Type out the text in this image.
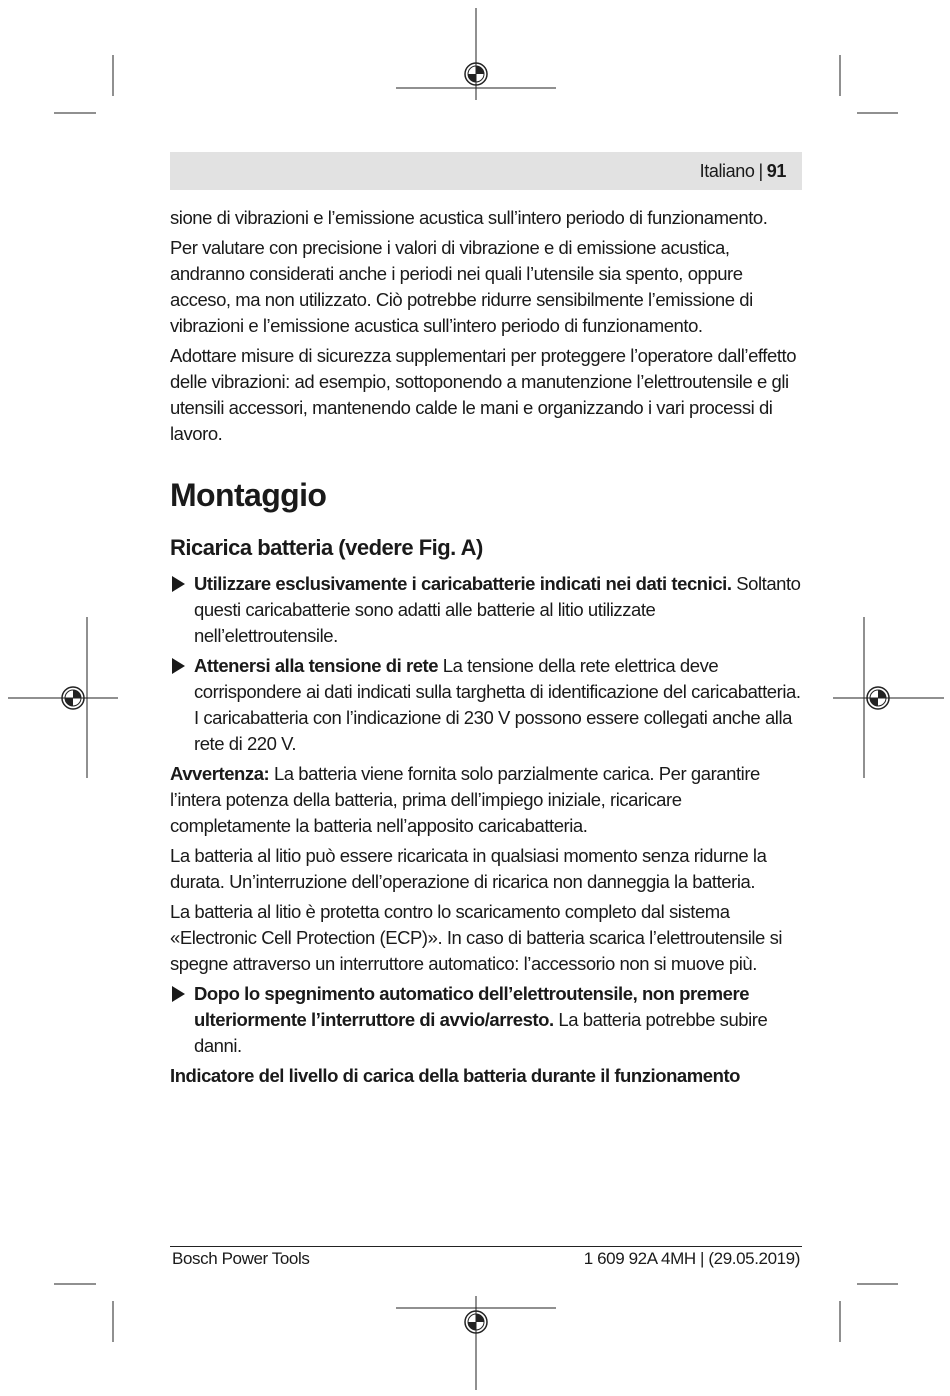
Italiano | 91

sione di vibrazioni e l’emissione acustica sull’intero periodo di funzionamento.

Per valutare con precisione i valori di vibrazione e di emissione acustica, andranno considerati anche i periodi nei quali l’utensile sia spento, oppure acceso, ma non utilizzato. Ciò potrebbe ridurre sensibilmente l’emissione di vibrazioni e l’emissione acustica sull’intero periodo di funzionamento.

Adottare misure di sicurezza supplementari per proteggere l’operatore dall’effetto delle vibrazioni: ad esempio, sottoponendo a manutenzione l’elettroutensile e gli utensili accessori, mantenendo calde le mani e organizzando i vari processi di lavoro.

Montaggio
Ricarica batteria (vedere Fig. A)
Utilizzare esclusivamente i caricabatterie indicati nei dati tecnici. Soltanto questi caricabatterie sono adatti alle batterie al litio utilizzate nell’elettroutensile.
Attenersi alla tensione di rete La tensione della rete elettrica deve corrispondere ai dati indicati sulla targhetta di identificazione del caricabatteria. I caricabatteria con l’indicazione di 230 V possono essere collegati anche alla rete di 220 V.

Avvertenza: La batteria viene fornita solo parzialmente carica. Per garantire l’intera potenza della batteria, prima dell’impiego iniziale, ricaricare completamente la batteria nell’apposito caricabatteria.

La batteria al litio può essere ricaricata in qualsiasi momento senza ridurne la durata. Un’interruzione dell’operazione di ricarica non danneggia la batteria.

La batteria al litio è protetta contro lo scaricamento completo dal sistema «Electronic Cell Protection (ECP)». In caso di batteria scarica l’elettroutensile si spegne attraverso un interruttore automatico: l’accessorio non si muove più.

Dopo lo spegnimento automatico dell’elettroutensile, non premere ulteriormente l’interruttore di avvio/arresto. La batteria potrebbe subire danni.

Indicatore del livello di carica della batteria durante il funzionamento

Bosch Power Tools	1 609 92A 4MH | (29.05.2019)
